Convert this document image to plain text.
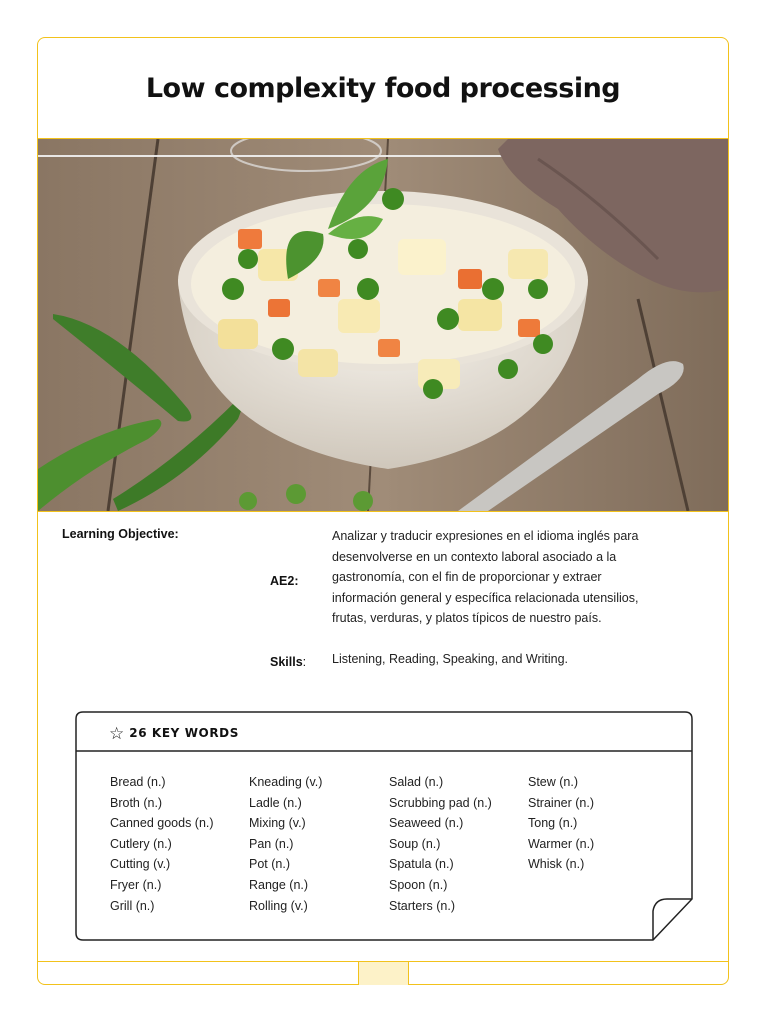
Low complexity food processing
Learning Objective:
AE2:
Analizar y traducir expresiones en el idioma inglés para desenvolverse en un contexto laboral asociado a la gastronomía, con el fin de proporcionar y extraer información general y específica relacionada utensilios, frutas, verduras, y platos típicos de nuestro país.
Skills: Listening, Reading, Speaking, and Writing.
☆ 26 KEY WORDS
Bread (n.)
Broth (n.)
Canned goods (n.)
Cutlery (n.)
Cutting (v.)
Fryer (n.)
Grill (n.)
Kneading (v.)
Ladle (n.)
Mixing (v.)
Pan (n.)
Pot (n.)
Range (n.)
Rolling (v.)
Salad (n.)
Scrubbing pad (n.)
Seaweed (n.)
Soup (n.)
Spatula (n.)
Spoon (n.)
Starters (n.)
Stew (n.)
Strainer (n.)
Tong (n.)
Warmer (n.)
Whisk (n.)
